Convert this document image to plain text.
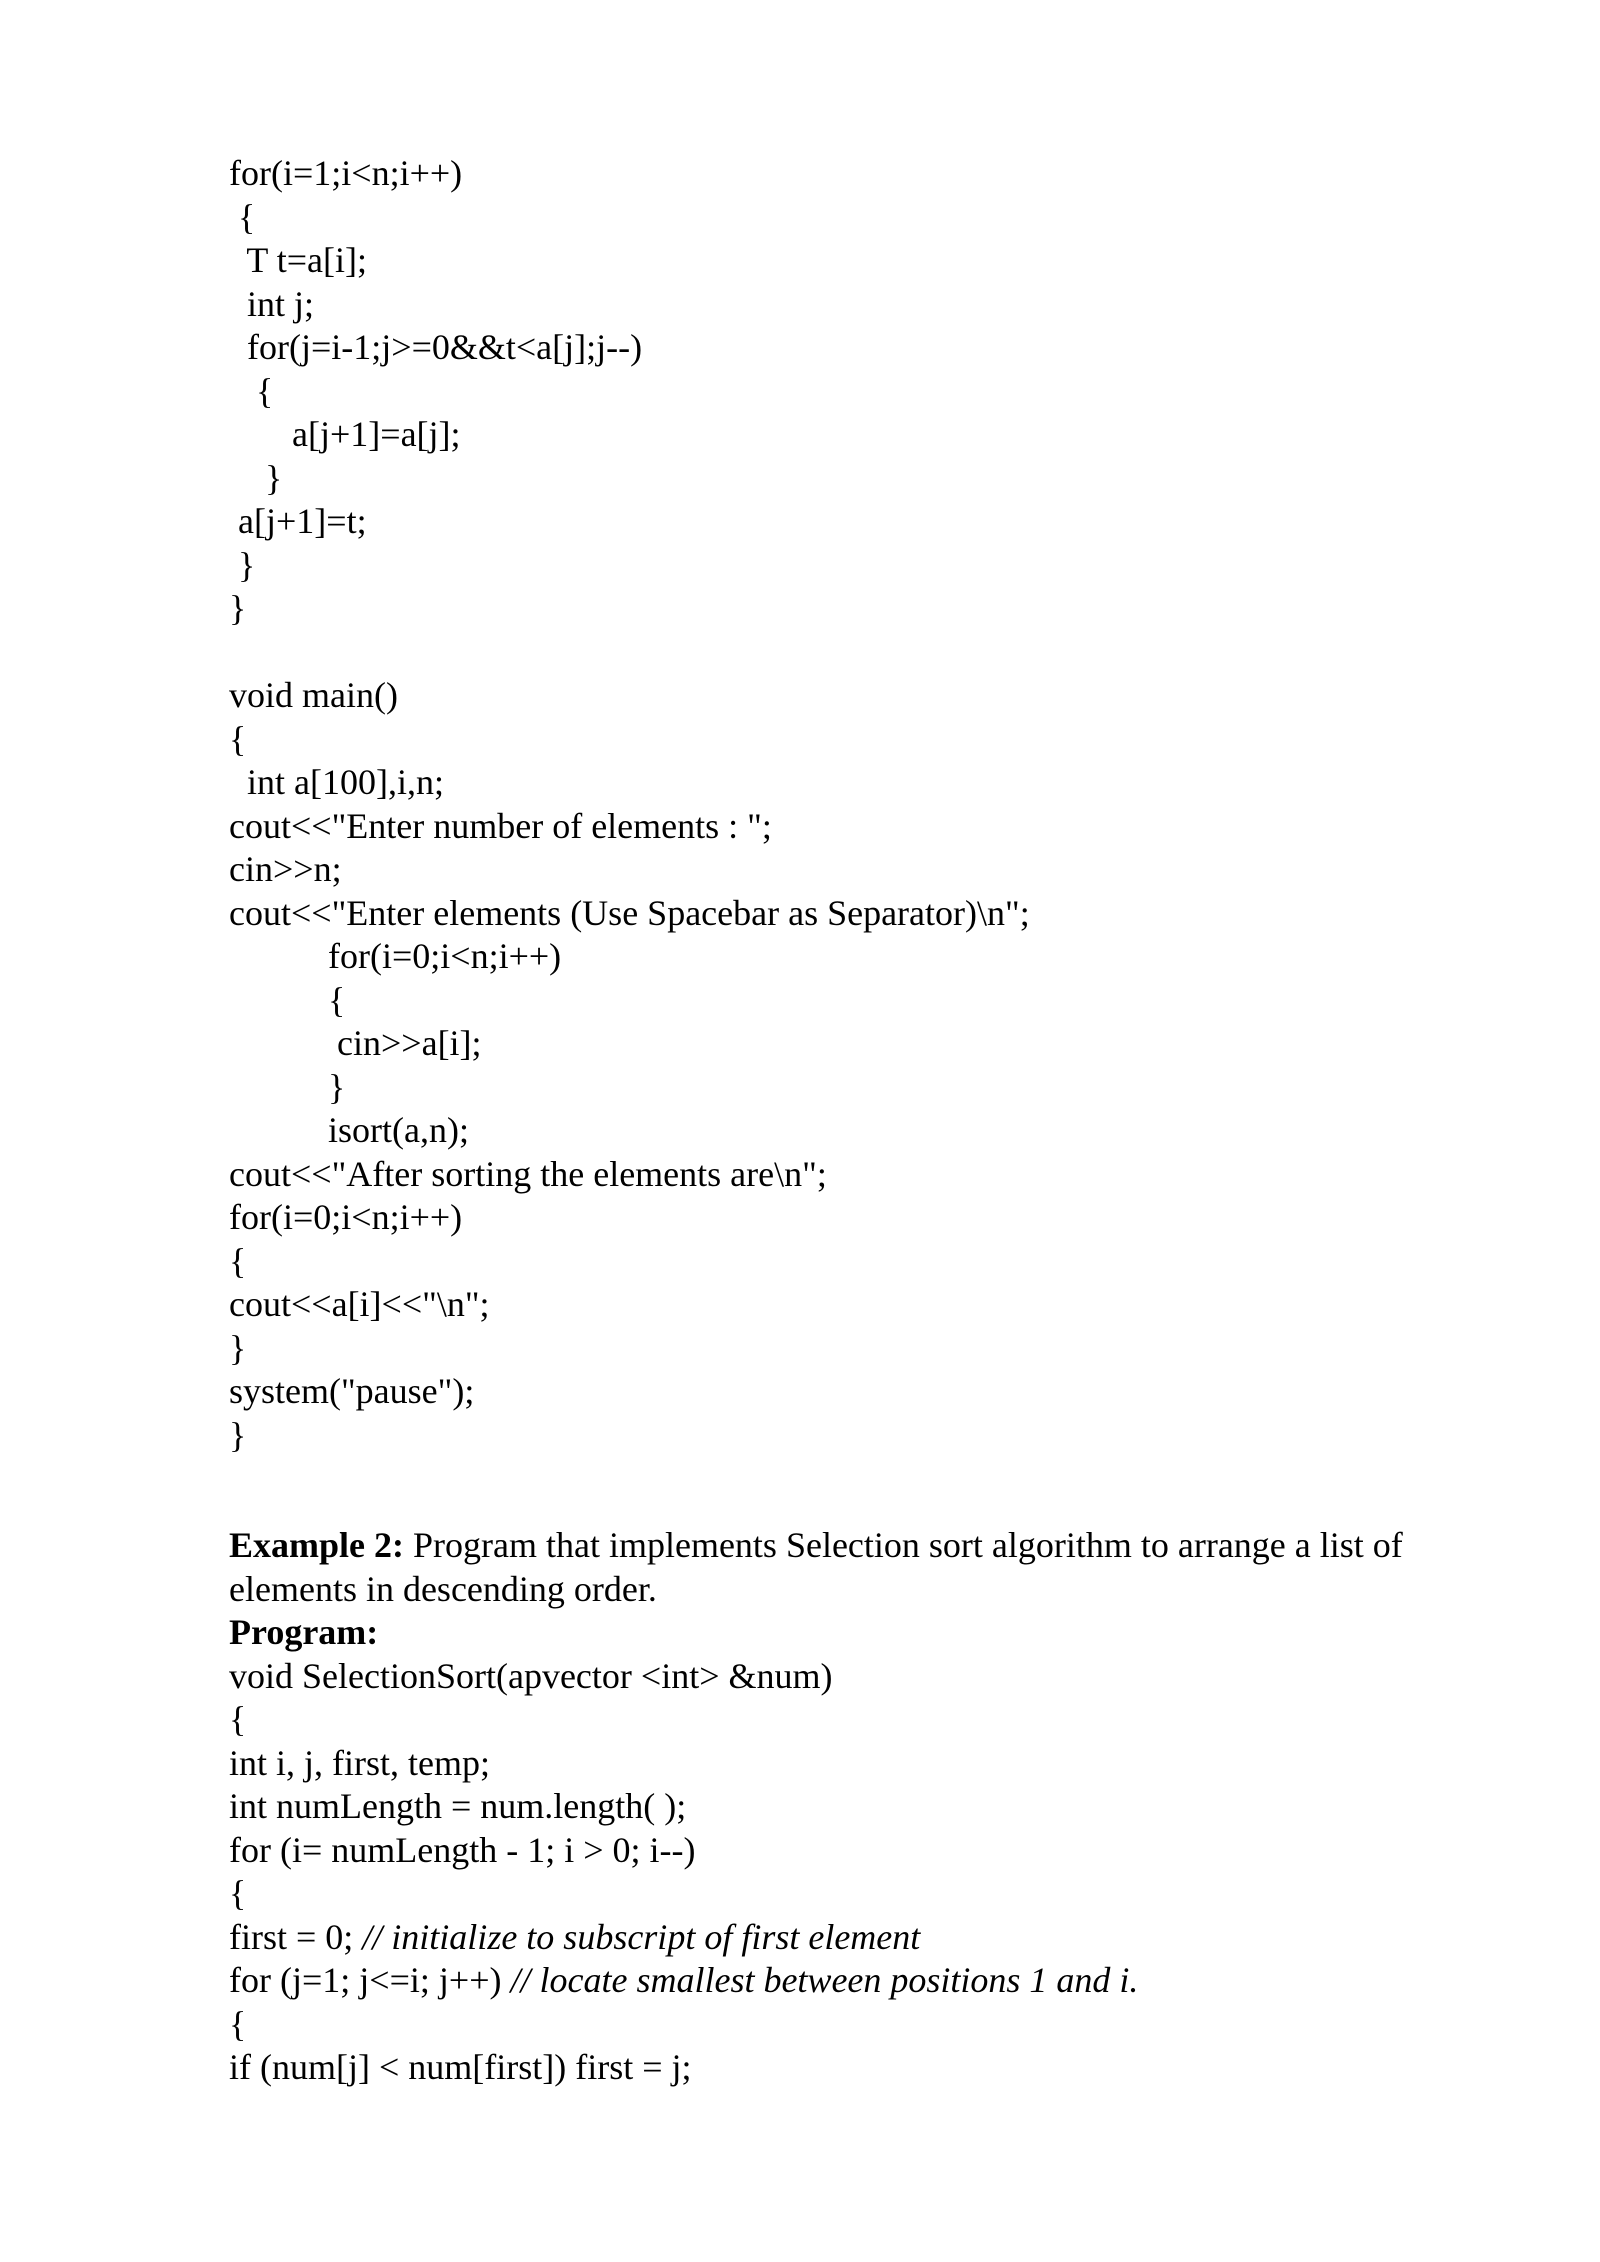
for(i=1;i<n;i++)
{
T t=a[i];
int j;
for(j=i-1;j>=0&&t<a[j];j--)
{
a[j+1]=a[j];
}
a[j+1]=t;
}
}
void main()
{
int a[100],i,n;
cout<<"Enter number of elements : ";
cin>>n;
cout<<"Enter elements (Use Spacebar as Separator)\n";
for(i=0;i<n;i++)
{
cin>>a[i];
}
isort(a,n);
cout<<"After sorting the elements are\n";
for(i=0;i<n;i++)
{
cout<<a[i]<<"\n";
}
system("pause");
}
Example 2: Program that implements Selection sort algorithm to arrange a list of
elements in descending order.
Program:
void SelectionSort(apvector <int> &num)
{
int i, j, first, temp;
int numLength = num.length( );
for (i= numLength - 1; i > 0; i--)
{
first = 0; // initialize to subscript of first element
for (j=1; j<=i; j++) // locate smallest between positions 1 and i.
{
if (num[j] < num[first]) first = j;
